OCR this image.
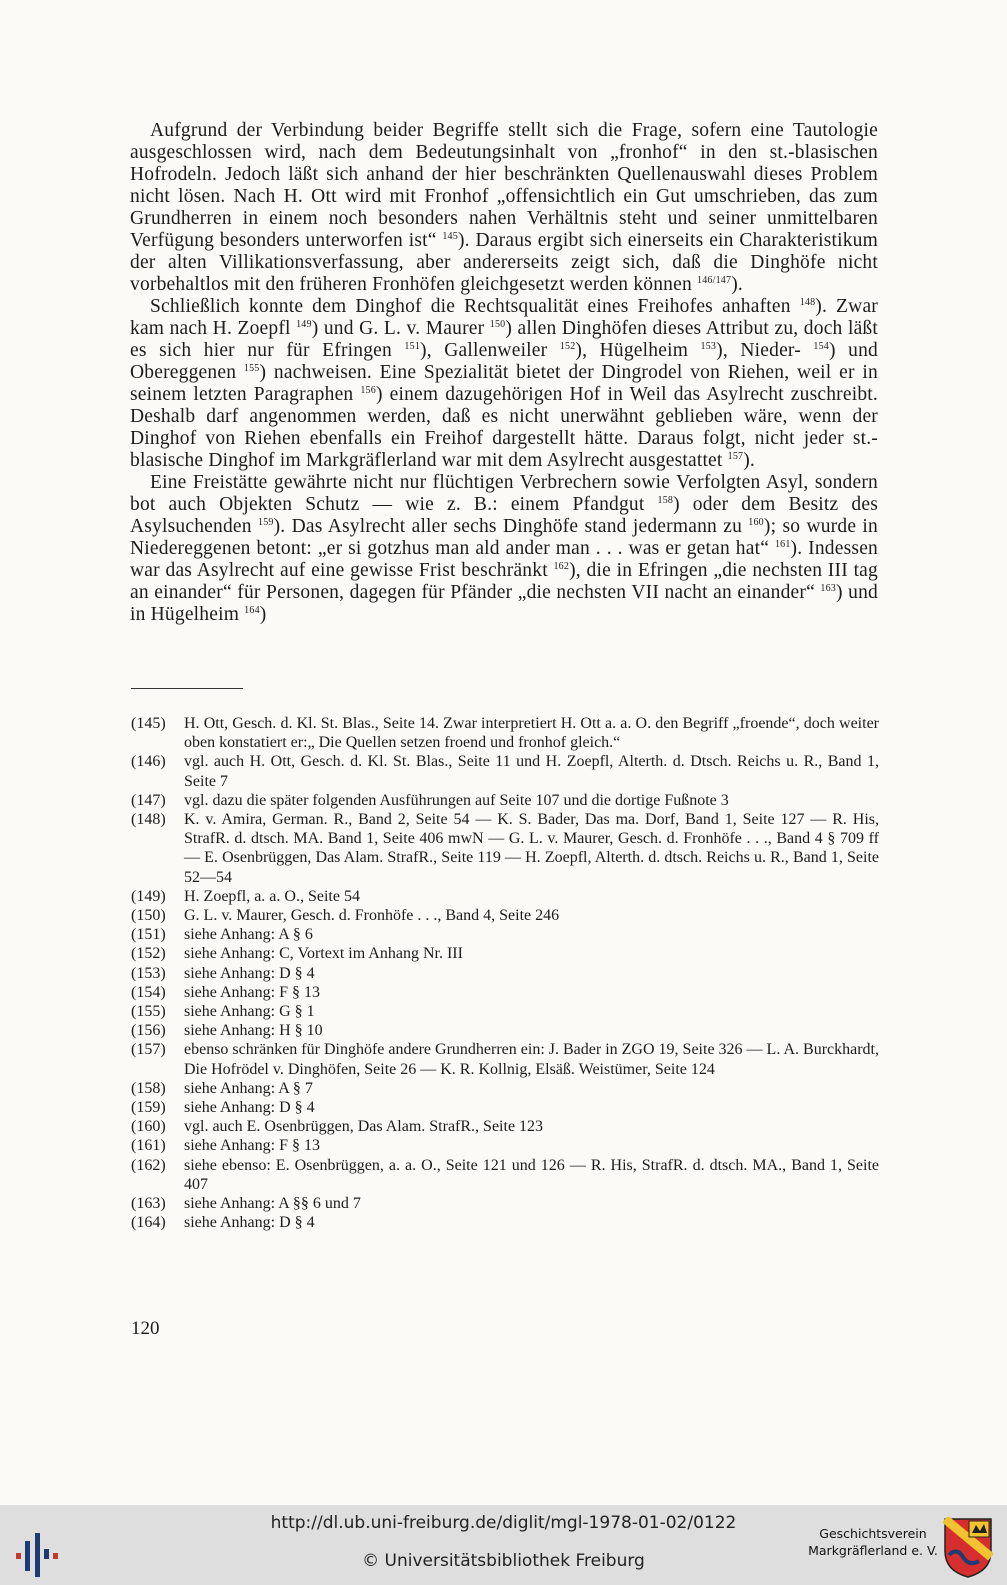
Aufgrund der Verbindung beider Begriffe stellt sich die Frage, sofern eine Tautologie ausgeschlossen wird, nach dem Bedeutungsinhalt von „fronhof“ in den st.-blasischen Hofrodeln. Jedoch läßt sich anhand der hier beschränkten Quellenauswahl dieses Problem nicht lösen. Nach H. Ott wird mit Fronhof „offensichtlich ein Gut umschrieben, das zum Grundherren in einem noch besonders nahen Verhältnis steht und seiner unmittelbaren Verfügung besonders unterworfen ist“ $^{145}$). Daraus ergibt sich einerseits ein Charakteristikum der alten Villikationsverfassung, aber andererseits zeigt sich, daß die Dinghöfe nicht vorbehaltlos mit den früheren Fronhöfen gleichgesetzt werden können $^{146/147}$).

Schließlich konnte dem Dinghof die Rechtsqualität eines Freihofes anhaften $^{148}$). Zwar kam nach H. Zoepfl $^{149}$) und G. L. v. Maurer $^{150}$) allen Dinghöfen dieses Attribut zu, doch läßt es sich hier nur für Efringen $^{151}$), Gallenweiler $^{152}$), Hügelheim $^{153}$), Nieder- $^{154}$) und Obereggenen $^{155}$) nachweisen. Eine Spezialität bietet der Dingrodel von Riehen, weil er in seinem letzten Paragraphen $^{156}$) einem dazugehörigen Hof in Weil das Asylrecht zuschreibt. Deshalb darf angenommen werden, daß es nicht unerwähnt geblieben wäre, wenn der Dinghof von Riehen ebenfalls ein Freihof dargestellt hätte. Daraus folgt, nicht jeder st.-blasische Dinghof im Markgräflerland war mit dem Asylrecht ausgestattet $^{157}$).

Eine Freistätte gewährte nicht nur flüchtigen Verbrechern sowie Verfolgten Asyl, sondern bot auch Objekten Schutz — wie z. B.: einem Pfandgut $^{158}$) oder dem Besitz des Asylsuchenden $^{159}$). Das Asylrecht aller sechs Dinghöfe stand jedermann zu $^{160}$); so wurde in Niedereggenen betont: „er si gotzhus man ald ander man . . . was er getan hat“ $^{161}$). Indessen war das Asylrecht auf eine gewisse Frist beschränkt $^{162}$), die in Efringen „die nechsten III tag an einander“ für Personen, dagegen für Pfänder „die nechsten VII nacht an einander“ $^{163}$) und in Hügelheim $^{164}$)

(145)	H. Ott, Gesch. d. Kl. St. Blas., Seite 14. Zwar interpretiert H. Ott a. a. O. den Begriff „froende“, doch weiter oben konstatiert er:„ Die Quellen setzen froend und fronhof gleich.“
(146)	vgl. auch H. Ott, Gesch. d. Kl. St. Blas., Seite 11 und H. Zoepfl, Alterth. d. Dtsch. Reichs u. R., Band 1, Seite 7
(147)	vgl. dazu die später folgenden Ausführungen auf Seite 107 und die dortige Fußnote 3
(148)	K. v. Amira, German. R., Band 2, Seite 54 — K. S. Bader, Das ma. Dorf, Band 1, Seite 127 — R. His, StrafR. d. dtsch. MA. Band 1, Seite 406 mwN — G. L. v. Maurer, Gesch. d. Fronhöfe . . ., Band 4 § 709 ff — E. Osenbrüggen, Das Alam. StrafR., Seite 119 — H. Zoepfl, Alterth. d. dtsch. Reichs u. R., Band 1, Seite 52—54
(149)	H. Zoepfl, a. a. O., Seite 54
(150)	G. L. v. Maurer, Gesch. d. Fronhöfe . . ., Band 4, Seite 246
(151)	siehe Anhang: A § 6
(152)	siehe Anhang: C, Vortext im Anhang Nr. III
(153)	siehe Anhang: D § 4
(154)	siehe Anhang: F § 13
(155)	siehe Anhang: G § 1
(156)	siehe Anhang: H § 10
(157)	ebenso schränken für Dinghöfe andere Grundherren ein: J. Bader in ZGO 19, Seite 326 — L. A. Burckhardt, Die Hofrödel v. Dinghöfen, Seite 26 — K. R. Kollnig, Elsäß. Weistümer, Seite 124
(158)	siehe Anhang: A § 7
(159)	siehe Anhang: D § 4
(160)	vgl. auch E. Osenbrüggen, Das Alam. StrafR., Seite 123
(161)	siehe Anhang: F § 13
(162)	siehe ebenso: E. Osenbrüggen, a. a. O., Seite 121 und 126 — R. His, StrafR. d. dtsch. MA., Band 1, Seite 407
(163)	siehe Anhang: A §§ 6 und 7
(164)	siehe Anhang: D § 4
120
http://dl.ub.uni-freiburg.de/diglit/mgl-1978-01-02/0122
© Universitätsbibliothek Freiburg
Geschichtsverein
Markgräflerland e. V.
